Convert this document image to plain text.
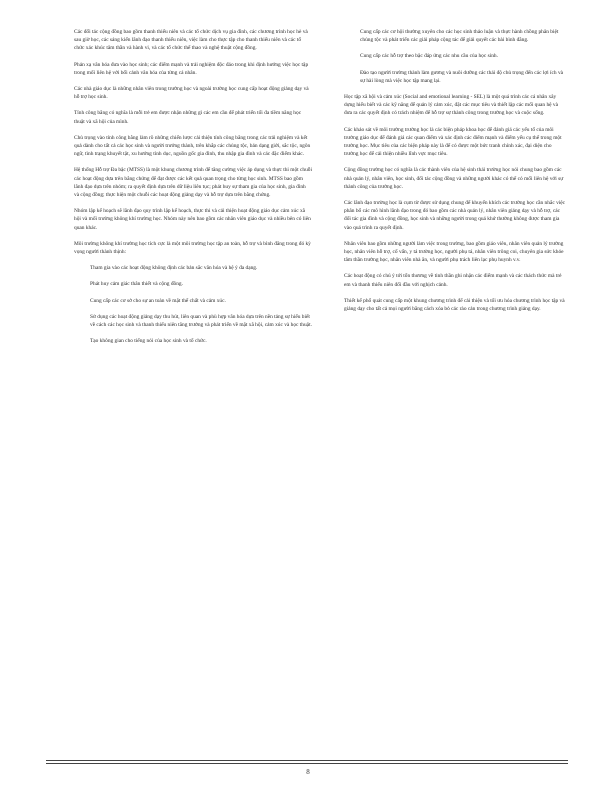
Các đối tác cộng đồng bao gồm thanh thiếu niên và các tổ chức dịch vụ gia đình, các chương trình học hè và sau giờ học, các sáng kiến lãnh đạo thanh thiếu niên, việc làm cho thực tập cho thanh thiếu niên và các tổ chức xác khúc tâm thần và hành vi, và các tổ chức thể thao và nghệ thuật cộng đồng.
Phản xạ văn hóa đưa vào học sinh; các điểm mạnh và trải nghiệm độc đáo trong khi định hướng việc học tập trong mối liên hệ với bối cảnh văn hóa của từng cá nhân.
Các nhà giáo dục là những nhân viên trong trường học và ngoài trường học cung cấp hoạt động giảng dạy và hỗ trợ học sinh.
Tính công bằng có nghĩa là mỗi trẻ em được nhận những gì các em cần để phát triển tối đa tiềm năng học thuật và xã hội của mình.
Chủ trọng vào tính công bằng làm rõ những chiến lược cải thiện tính công bằng trong các trải nghiệm và kết quả dành cho tất cả các học sinh và người trưởng thành, trên khắp các chủng tộc, bản dạng giới, sắc tộc, ngôn ngữ, tình trạng khuyết tật, xu hướng tình dục, nguồn gốc gia đình, thu nhập gia đình và các đặc điểm khác.
Hệ thống Hỗ trợ Đa bậc (MTSS) là một khung chương trình để tăng cường việc áp dụng và thực thi một chuỗi các hoạt động dựa trên bằng chứng để đạt được các kết quả quan trọng cho từng học sinh. MTSS bao gồm lãnh đạo dựa trên nhóm; ra quyết định dựa trên dữ liệu liên tục; phát huy sự tham gia của học sinh, gia đình và cộng đồng; thực hiện một chuỗi các hoạt động giảng dạy và hỗ trợ dựa trên bằng chứng.
Nhóm lập kế hoạch sẽ lãnh đạo quy trình lập kế hoạch, thực thi và cải thiện hoạt động giáo dục cảm xúc xã hội và mối trường không khí trường học. Nhóm này nên bao gồm các nhân viên giáo dục và nhiều bên có liên quan khác.
Môi trường không khí trường học tích cực là một môi trường học tập an toàn, hỗ trợ và bình đẳng trong đó kỳ vọng người thành thịnh:
Tham gia vào các hoạt động không định các bản sắc văn hóa và hệ ý đa dạng.
Phát huy cảm giác thân thiết và cộng đồng.
Cung cấp các cơ sở cho sự an toàn về mặt thể chất và cảm xúc.
Sử dụng các hoạt động giảng dạy thu hút, liên quan và phù hợp văn hóa dựa trên nền tảng sự hiểu biết về cách các học sinh và thanh thiếu niên tăng trưởng và phát triển về mặt xã hội, cảm xúc và học thuật.
Tạo không gian cho tiếng nói của học sinh và tổ chức.
Cung cấp các cơ hội thường xuyên cho các học sinh thảo luận và thực hành chồng phân biệt chủng tộc và phát triển các giải pháp cộng tác để giải quyết các bài bình đẳng.
Cung cấp các hỗ trợ theo bậc đáp ứng các nhu cầu của học sinh.
Đào tạo người trường thành làm gương và nuôi dưỡng các thái độ chủ trọng đến các lợi ích và sự hài lòng mà việc học tập mang lại.
Học tập xã hội và cảm xúc (Social and emotional learning - SEL) là một quá trình các cá nhân xây dựng hiểu biết và các kỹ năng để quản lý cảm xúc, đặt các mục tiêu và thiết lập các mối quan hệ và đưa ra các quyết định có trách nhiệm để hỗ trợ sự thành công trong trường học và cuộc sống.
Các khảo sát về môi trường trường học là các biện pháp khoa học để đánh giá các yếu tố của môi trường giáo dục để đánh giá các quan điểm và xác định các điểm mạnh và điểm yếu cụ thể trong một trường học. Mục tiêu của các biện pháp này là để có được một bức tranh chính xác, đại diện cho trường học để cải thiện nhiều lĩnh vực mục tiêu.
Cộng đồng trường học có nghĩa là các thành viên của hệ sinh thái trường học nói chung bao gồm các nhà quản lý, nhân viên, học sinh, đối tác cộng đồng và những người khác có thể có mối liên hệ với sự thành công của trường học.
Các lãnh đạo trường học là cụm từ được sử dụng chung để khuyến khích các trường học cần nhắc việc phân bổ các mô hình lãnh đạo trong đó bao gồm các nhà quản lý, nhân viên giảng dạy và hỗ trợ, các đối tác gia đình và cộng đồng, học sinh và những người trong quá khứ thường không được tham gia vào quá trình ra quyết định.
Nhân viên bao gồm những người làm việc trong trường, bao gồm giáo viên, nhân viên quản lý trường học, nhân viên hỗ trợ, cố vấn, y tá trường học, người phụ tá, nhân viên trông coi, chuyên gia sức khỏe tâm thần trường học, nhân viên nhà ăn, và người phụ trách liên lạc phụ huynh v.v.
Các hoạt động có chú ý tới tổn thương về tinh thần ghi nhận các điểm mạnh và các thách thức mà trẻ em và thanh thiếu niên đối đầu với nghịch cảnh.
Thiết kế phổ quát cung cấp một khung chương trình để cải thiện và tối ưu hóa chương trình học tập và giảng dạy cho tất cả mọi người bằng cách xóa bỏ các rào cản trong chương trình giảng dạy.
8
